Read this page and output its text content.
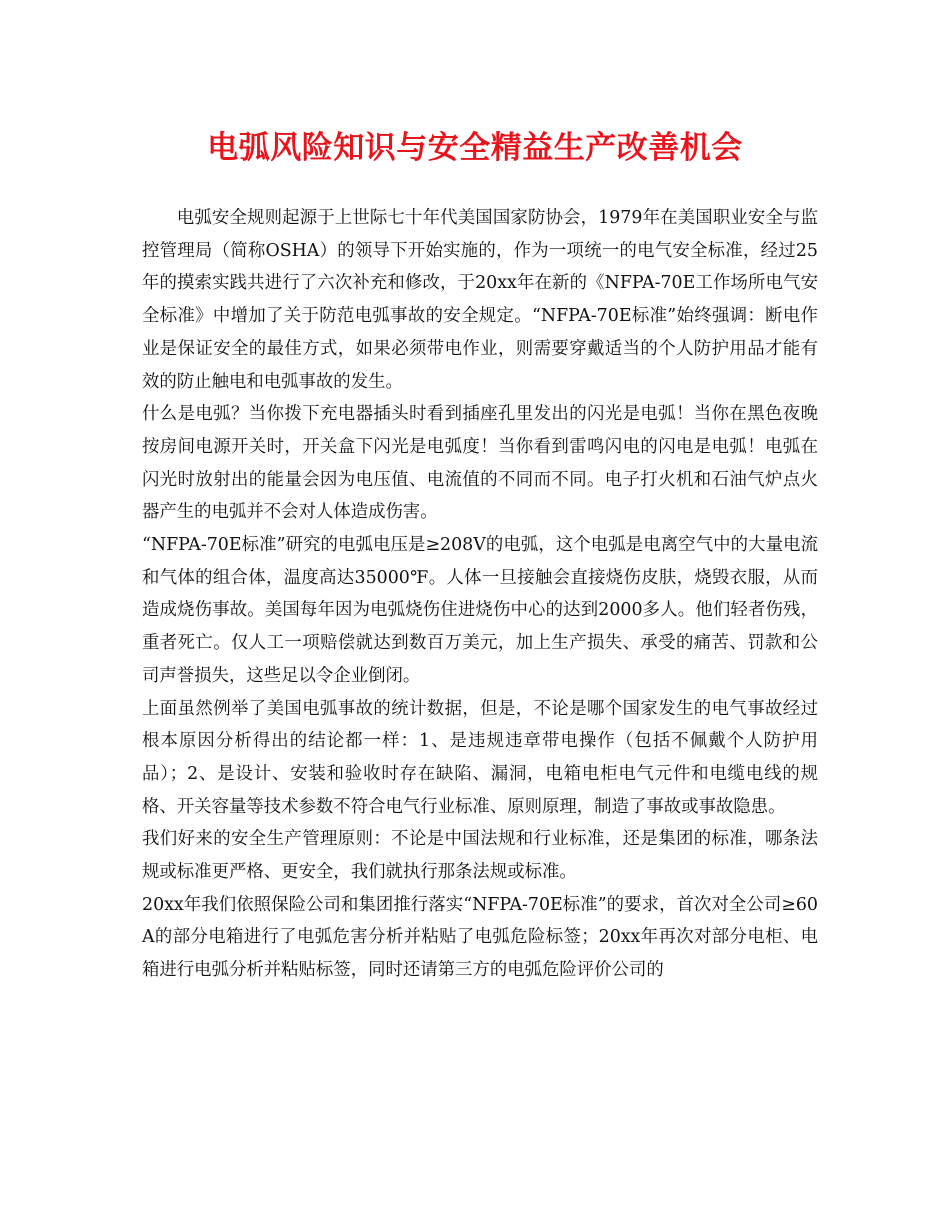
电弧风险知识与安全精益生产改善机会

电弧安全规则起源于上世际七十年代美国国家防协会，1979年在美国职业安全与监控管理局（简称OSHA）的领导下开始实施的，作为一项统一的电气安全标准，经过25年的摸索实践共进行了六次补充和修改，于20xx年在新的《NFPA-70E工作场所电气安全标准》中增加了关于防范电弧事故的安全规定。“NFPA-70E标准”始终强调：断电作业是保证安全的最佳方式，如果必须带电作业，则需要穿戴适当的个人防护用品才能有效的防止触电和电弧事故的发生。

什么是电弧？当你拨下充电器插头时看到插座孔里发出的闪光是电弧！当你在黑色夜晚按房间电源开关时，开关盒下闪光是电弧度！当你看到雷鸣闪电的闪电是电弧！电弧在闪光时放射出的能量会因为电压值、电流值的不同而不同。电子打火机和石油气炉点火器产生的电弧并不会对人体造成伤害。

“NFPA-70E标准”研究的电弧电压是≥208V的电弧，这个电弧是电离空气中的大量电流和气体的组合体，温度高达35000℉。人体一旦接触会直接烧伤皮肤，烧毁衣服，从而造成烧伤事故。美国每年因为电弧烧伤住进烧伤中心的达到2000多人。他们轻者伤残，重者死亡。仅人工一项赔偿就达到数百万美元，加上生产损失、承受的痛苦、罚款和公司声誉损失，这些足以令企业倒闭。

上面虽然例举了美国电弧事故的统计数据，但是，不论是哪个国家发生的电气事故经过根本原因分析得出的结论都一样：1、是违规违章带电操作（包括不佩戴个人防护用品）；2、是设计、安装和验收时存在缺陷、漏洞，电箱电柜电气元件和电缆电线的规格、开关容量等技术参数不符合电气行业标准、原则原理，制造了事故或事故隐患。

我们好来的安全生产管理原则：不论是中国法规和行业标准，还是集团的标准，哪条法规或标准更严格、更安全，我们就执行那条法规或标准。

20xx年我们依照保险公司和集团推行落实“NFPA-70E标准”的要求，首次对全公司≥60 A的部分电箱进行了电弧危害分析并粘贴了电弧危险标签；20xx年再次对部分电柜、电箱进行电弧分析并粘贴标签，同时还请第三方的电弧危险评价公司的
